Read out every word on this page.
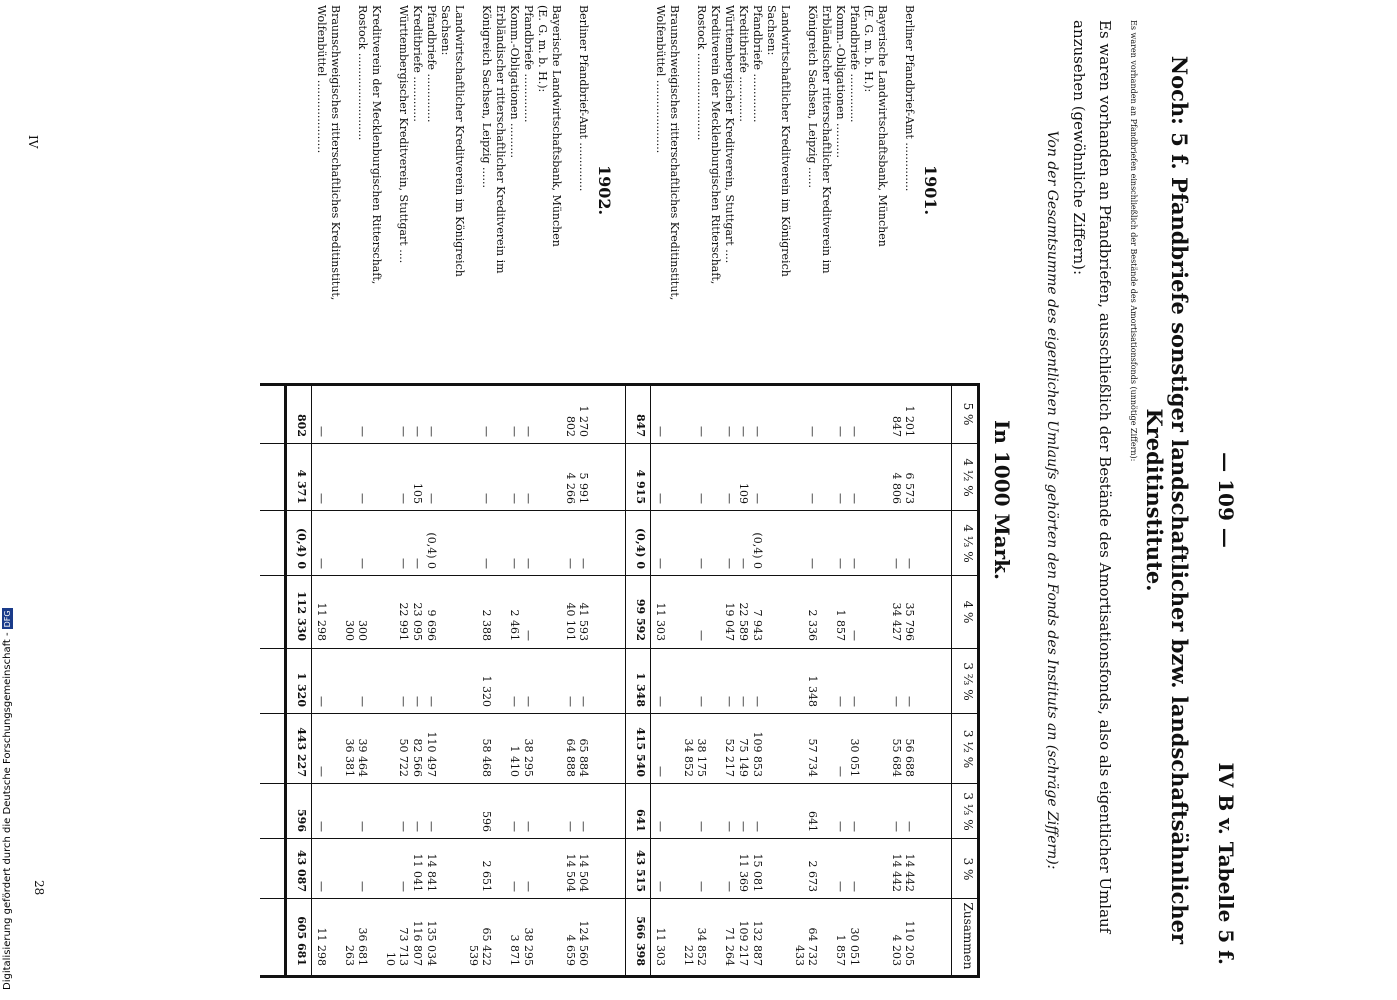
— 109 —
IV B v. Tabelle 5 f.
Noch: 5 f. Pfandbriefe sonstiger landschaftlicher bzw. landschaftsähnlicher Kreditinstitute.
Es waren vorhanden an Pfandbriefen einschließlich der Bestände des Amortisationsfonds (unnötige Ziffern):
Es waren vorhanden an Pfandbriefen, ausschließlich der Bestände des Amortisationsfonds, also als eigentlicher Umlauf anzusehen (gewöhnliche Ziffern):
Von der Gesamtsumme des eigentlichen Umlaufs gehörten den Fonds des Instituts an (schräge Ziffern):
In 1000 Mark.
5 %
4 ½ %
4 ⅓ %
4 %
3 ⅔ %
3 ½ %
3 ⅓ %
3 %
Zusammen
1901.
Berliner Pfandbrief-Amt ..............
1 201
847
6 573
4 806
—
—
35 796
34 427
—
—
56 688
55 684
—
—
14 442
14 442
110 205
4 203
Bayerische Landwirtschaftsbank, München
(E. G. m. b. H.):
Pfandbriefe ..............
—
—
—
—
—
30 051
—
—
30 051
Komm.-Obligationen ..........
—
—
—
1 857
—
—
—
—
1 857
Erbländischer ritterschaftlicher Kreditverein im
Königreich Sachsen, Leipzig ......
—
—
—
2 336
1 348
57 734
641
2 673
64 732
433
Landwirtschaftlicher Kreditverein im Königreich
Sachsen:
Pfandbriefe ..............
—
—
(0,4) 0
7 943
—
109 853
—
15 081
132 887
Kreditbriefe .............
—
109
—
22 589
—
75 149
—
11 369
109 217
Württembergischer Kreditverein, Stuttgart ....
—
—
—
19 047
—
52 217
—
—
71 264
Kreditverein der Mecklenburgischen Ritterschaft,
Rostock .........................
—
—
—
—
—
38 175
34 852
—
—
34 852
221
Braunschweigisches ritterschaftliches Kreditinstitut,
Wolfenbüttel .....................
—
—
—
11 303
—
—
—
—
11 303
847
4 915
(0,4) 0
99 592
1 348
415 540
641
43 515
566 398
1902.
Berliner Pfandbrief-Amt ..............
1 270
802
5 991
4 266
—
—
41 593
40 101
—
—
65 884
64 888
—
—
14 504
14 504
124 560
4 659
Bayerische Landwirtschaftsbank, München
(E. G. m. b. H.):
Pfandbriefe ..............
—
—
—
—
—
38 295
—
—
38 295
Komm.-Obligationen ..........
—
—
—
2 461
—
1 410
—
—
3 871
Erbländischer ritterschaftlicher Kreditverein im
Königreich Sachsen, Leipzig ......
—
—
—
2 388
1 320
58 468
596
2 651
65 422
539
Landwirtschaftlicher Kreditverein im Königreich
Sachsen:
Pfandbriefe ..............
—
—
(0,4) 0
9 696
—
110 497
—
14 841
135 034
Kreditbriefe .............
—
105
—
23 095
—
82 566
—
11 041
116 807
Württembergischer Kreditverein, Stuttgart ....
—
—
—
22 991
—
50 722
—
—
73 713
10
Kreditverein der Mecklenburgischen Ritterschaft,
Rostock .........................
—
—
—
300
300
—
39 464
36 381
—
—
36 681
263
Braunschweigisches ritterschaftliches Kreditinstitut,
Wolfenbüttel .....................
—
—
—
11 298
—
—
—
—
11 298
802
4 371
(0,4) 0
112 330
1 320
443 227
596
43 087
605 681
28
IV
Digitalisierung gefördert durch die Deutsche Forschungsgemeinschaft -DFG
